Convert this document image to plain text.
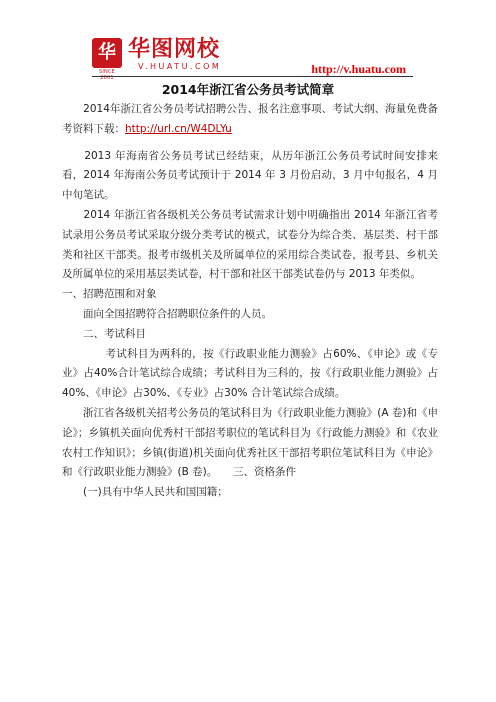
华
SINCE 2001
华图网校
V.HUATU.COM	http://v.huatu.com
2014年浙江省公务员考试简章

　　2014年浙江省公务员考试招聘公告、报名注意事项、考试大纲、海量免费备考资料下载：http://url.cn/W4DLYu

　　2013 年海南省公务员考试已经结束，从历年浙江公务员考试时间安排来看，2014 年海南公务员考试预计于 2014 年 3 月份启动，3 月中旬报名，4 月中旬笔试。

　　2014 年浙江省各级机关公务员考试需求计划中明确指出 2014 年浙江省考试录用公务员考试采取分级分类考试的模式，试卷分为综合类、基层类、村干部类和社区干部类。报考市级机关及所属单位的采用综合类试卷，报考县、乡机关及所属单位的采用基层类试卷，村干部和社区干部类试卷仍与 2013 年类似。

一、招聘范围和对象

　　面向全国招聘符合招聘职位条件的人员。

　　二、考试科目

　　　　考试科目为两科的，按《行政职业能力测验》占60%、《申论》或《专业》占40%合计笔试综合成绩；考试科目为三科的，按《行政职业能力测验》占40%、《申论》占30%、《专业》占30% 合计笔试综合成绩。

　　浙江省各级机关招考公务员的笔试科目为《行政职业能力测验》(A 卷)和《申论》；乡镇机关面向优秀村干部招考职位的笔试科目为《行政能力测验》和《农业农村工作知识》；乡镇(街道)机关面向优秀社区干部招考职位笔试科目为《申论》和《行政职业能力测验》(B 卷)。　　三、资格条件

　　(一)具有中华人民共和国国籍；
